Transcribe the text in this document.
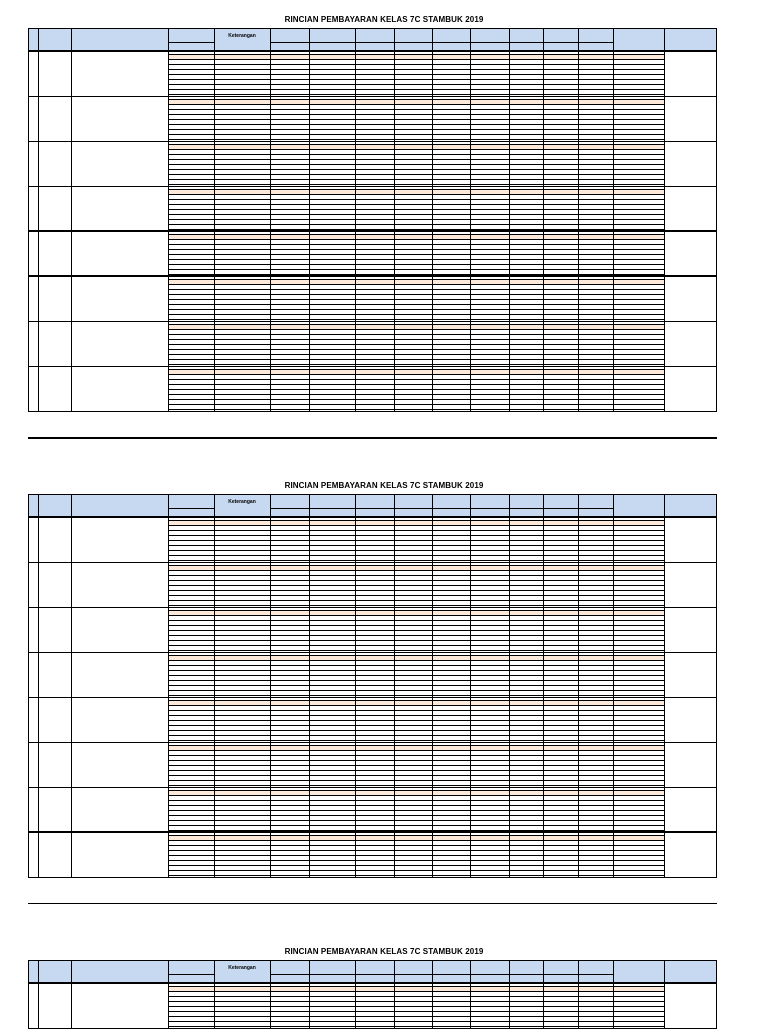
RINCIAN PEMBAYARAN KELAS 7C STAMBUK 2019
Keterangan
RINCIAN PEMBAYARAN KELAS 7C STAMBUK 2019
Keterangan
RINCIAN PEMBAYARAN KELAS 7C STAMBUK 2019
Keterangan
